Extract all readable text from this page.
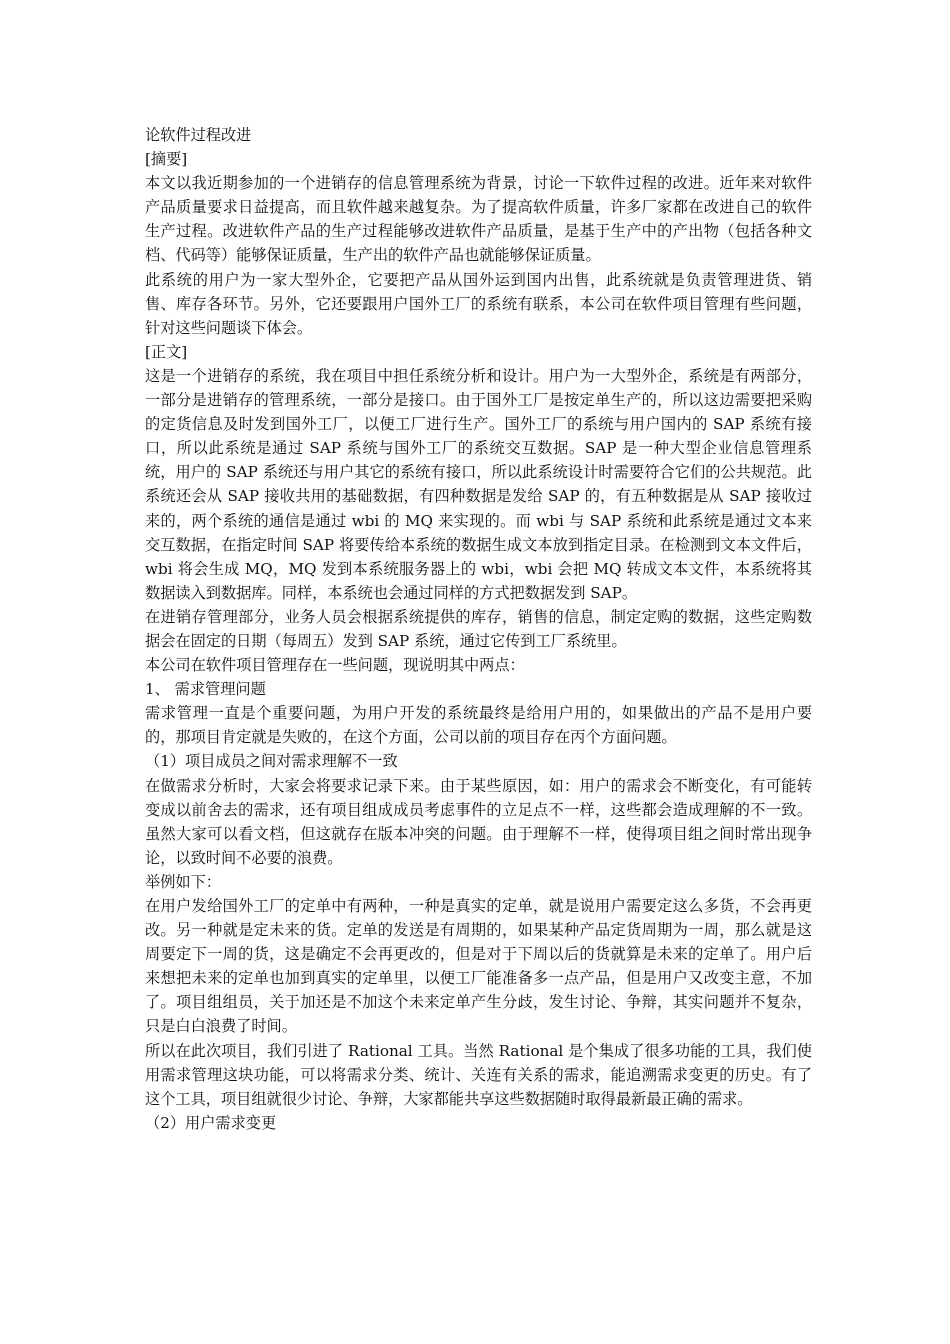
论软件过程改进

[摘要]

本文以我近期参加的一个进销存的信息管理系统为背景，讨论一下软件过程的改进。近年来对软件产品质量要求日益提高，而且软件越来越复杂。为了提高软件质量，许多厂家都在改进自己的软件生产过程。改进软件产品的生产过程能够改进软件产品质量，是基于生产中的产出物（包括各种文档、代码等）能够保证质量，生产出的软件产品也就能够保证质量。

此系统的用户为一家大型外企，它要把产品从国外运到国内出售，此系统就是负责管理进货、销售、库存各环节。另外，它还要跟用户国外工厂的系统有联系，本公司在软件项目管理有些问题，针对这些问题谈下体会。

[正文]

这是一个进销存的系统，我在项目中担任系统分析和设计。用户为一大型外企，系统是有两部分，一部分是进销存的管理系统，一部分是接口。由于国外工厂是按定单生产的，所以这边需要把采购的定货信息及时发到国外工厂，以便工厂进行生产。国外工厂的系统与用户国内的 SAP 系统有接口，所以此系统是通过 SAP 系统与国外工厂的系统交互数据。SAP 是一种大型企业信息管理系统，用户的 SAP 系统还与用户其它的系统有接口，所以此系统设计时需要符合它们的公共规范。此系统还会从 SAP 接收共用的基础数据，有四种数据是发给 SAP 的，有五种数据是从 SAP 接收过来的，两个系统的通信是通过 wbi 的 MQ 来实现的。而 wbi 与 SAP 系统和此系统是通过文本来交互数据，在指定时间 SAP 将要传给本系统的数据生成文本放到指定目录。在检测到文本文件后，wbi 将会生成 MQ，MQ 发到本系统服务器上的 wbi，wbi 会把 MQ 转成文本文件，本系统将其数据读入到数据库。同样，本系统也会通过同样的方式把数据发到 SAP。

在进销存管理部分，业务人员会根据系统提供的库存，销售的信息，制定定购的数据，这些定购数据会在固定的日期（每周五）发到 SAP 系统，通过它传到工厂系统里。

本公司在软件项目管理存在一些问题，现说明其中两点：

1、 需求管理问题

需求管理一直是个重要问题，为用户开发的系统最终是给用户用的，如果做出的产品不是用户要的，那项目肯定就是失败的，在这个方面，公司以前的项目存在丙个方面问题。

（1）项目成员之间对需求理解不一致

在做需求分析时，大家会将要求记录下来。由于某些原因，如：用户的需求会不断变化，有可能转变成以前舍去的需求，还有项目组成成员考虑事件的立足点不一样，这些都会造成理解的不一致。虽然大家可以看文档，但这就存在版本冲突的问题。由于理解不一样，使得项目组之间时常出现争论，以致时间不必要的浪费。

举例如下：

在用户发给国外工厂的定单中有两种，一种是真实的定单，就是说用户需要定这么多货，不会再更改。另一种就是定未来的货。定单的发送是有周期的，如果某种产品定货周期为一周，那么就是这周要定下一周的货，这是确定不会再更改的，但是对于下周以后的货就算是未来的定单了。用户后来想把未来的定单也加到真实的定单里，以便工厂能准备多一点产品，但是用户又改变主意，不加了。项目组组员，关于加还是不加这个未来定单产生分歧，发生讨论、争辩，其实问题并不复杂，只是白白浪费了时间。

所以在此次项目，我们引进了 Rational 工具。当然 Rational 是个集成了很多功能的工具，我们使用需求管理这块功能，可以将需求分类、统计、关连有关系的需求，能追溯需求变更的历史。有了这个工具，项目组就很少讨论、争辩，大家都能共享这些数据随时取得最新最正确的需求。

（2）用户需求变更
